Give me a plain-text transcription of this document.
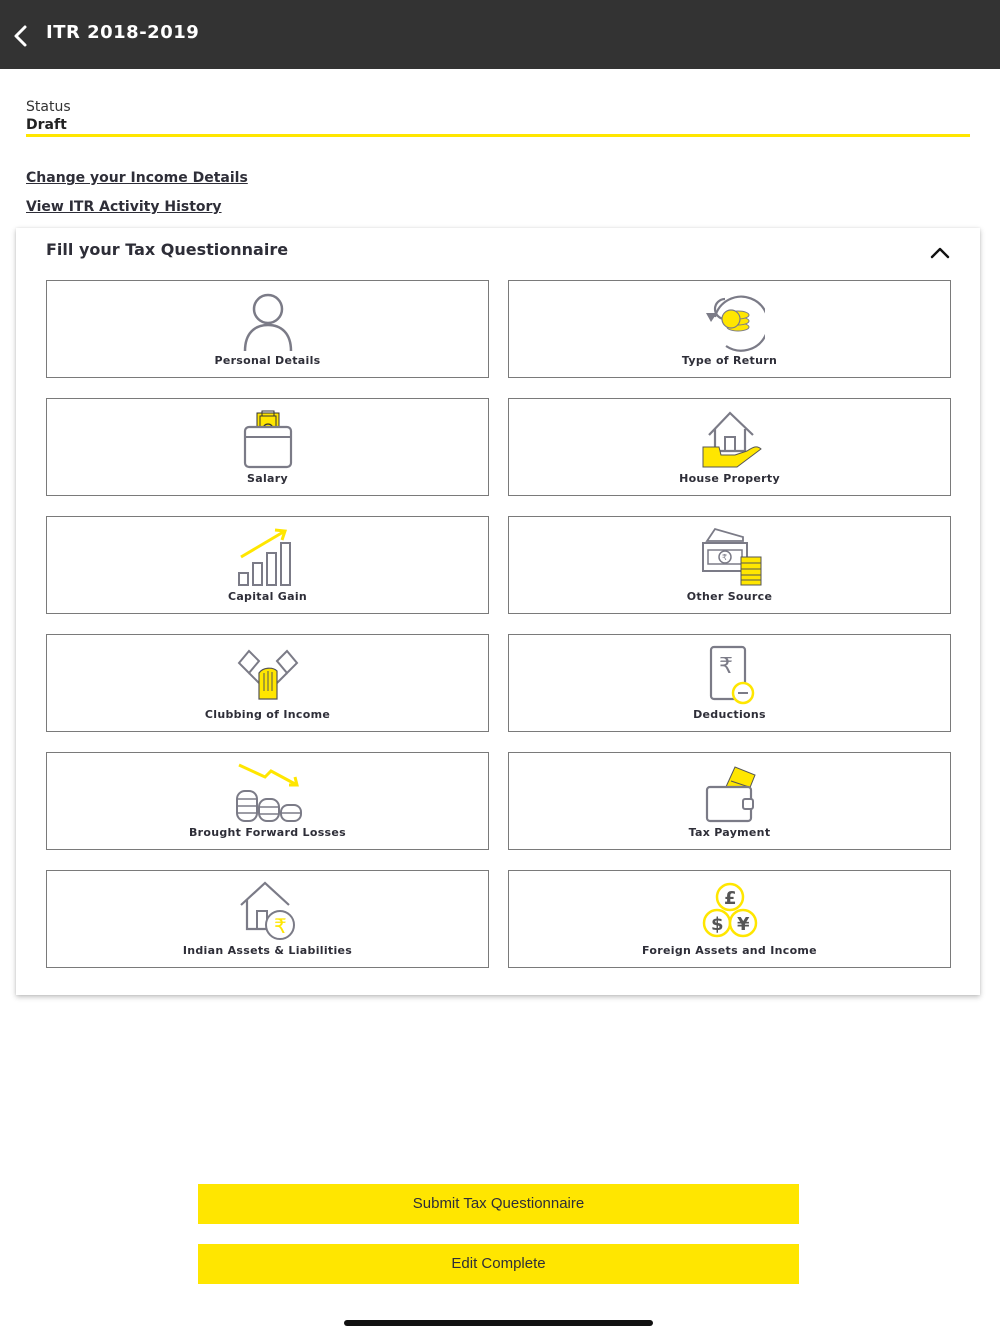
ITR 2018-2019
Status
Draft
Change your Income Details
View ITR Activity History
Fill your Tax Questionnaire
Personal Details	Type of Return
Salary	House Property
Capital Gain
₹
Other Source
Clubbing of Income
₹
Deductions
Brought Forward Losses	Tax Payment
₹
Indian Assets & Liabilities
£
$ ¥
Foreign Assets and Income
Submit Tax Questionnaire
Edit Complete
